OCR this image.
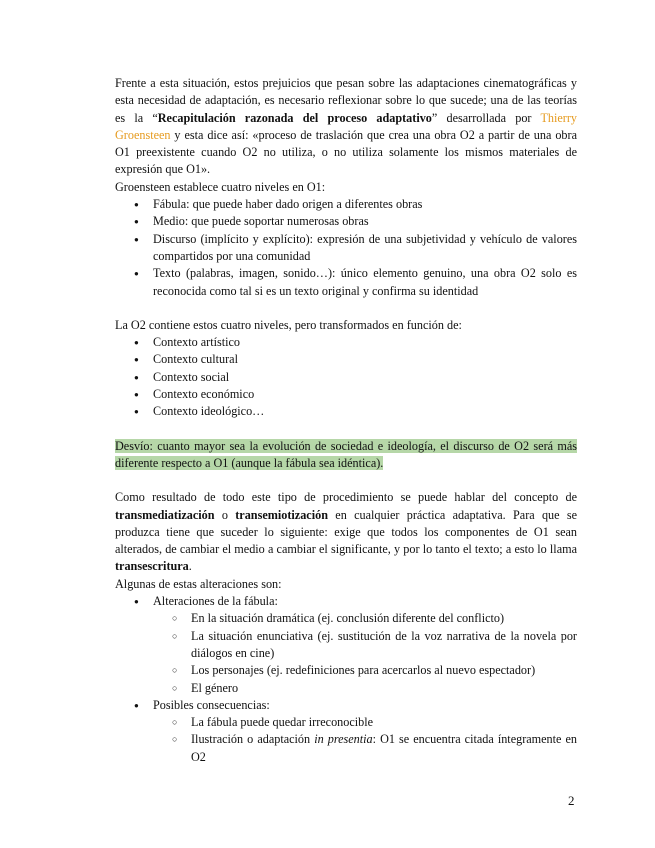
Frente a esta situación, estos prejuicios que pesan sobre las adaptaciones cinematográficas y esta necesidad de adaptación, es necesario reflexionar sobre lo que sucede; una de las teorías es la “Recapitulación razonada del proceso adaptativo” desarrollada por Thierry Groensteen y esta dice así: «proceso de traslación que crea una obra O2 a partir de una obra O1 preexistente cuando O2 no utiliza, o no utiliza solamente los mismos materiales de expresión que O1».

Groensteen establece cuatro niveles en O1:

● Fábula: que puede haber dado origen a diferentes obras
● Medio: que puede soportar numerosas obras
● Discurso (implícito y explícito): expresión de una subjetividad y vehículo de valores compartidos por una comunidad
● Texto (palabras, imagen, sonido…): único elemento genuino, una obra O2 solo es reconocida como tal si es un texto original y confirma su identidad

La O2 contiene estos cuatro niveles, pero transformados en función de:

● Contexto artístico
● Contexto cultural
● Contexto social
● Contexto económico
● Contexto ideológico…

Desvío: cuanto mayor sea la evolución de sociedad e ideología, el discurso de O2 será más diferente respecto a O1 (aunque la fábula sea idéntica).

Como resultado de todo este tipo de procedimiento se puede hablar del concepto de transmediatización o transemiotización en cualquier práctica adaptativa. Para que se produzca tiene que suceder lo siguiente: exige que todos los componentes de O1 sean alterados, de cambiar el medio a cambiar el significante, y por lo tanto el texto; a esto lo llama transescritura.

Algunas de estas alteraciones son:

● Alteraciones de la fábula:
○ En la situación dramática (ej. conclusión diferente del conflicto)
○ La situación enunciativa (ej. sustitución de la voz narrativa de la novela por diálogos en cine)
○ Los personajes (ej. redefiniciones para acercarlos al nuevo espectador)
○ El género
● Posibles consecuencias:
○ La fábula puede quedar irreconocible
○ Ilustración o adaptación in presentia: O1 se encuentra citada íntegramente en O2
2
